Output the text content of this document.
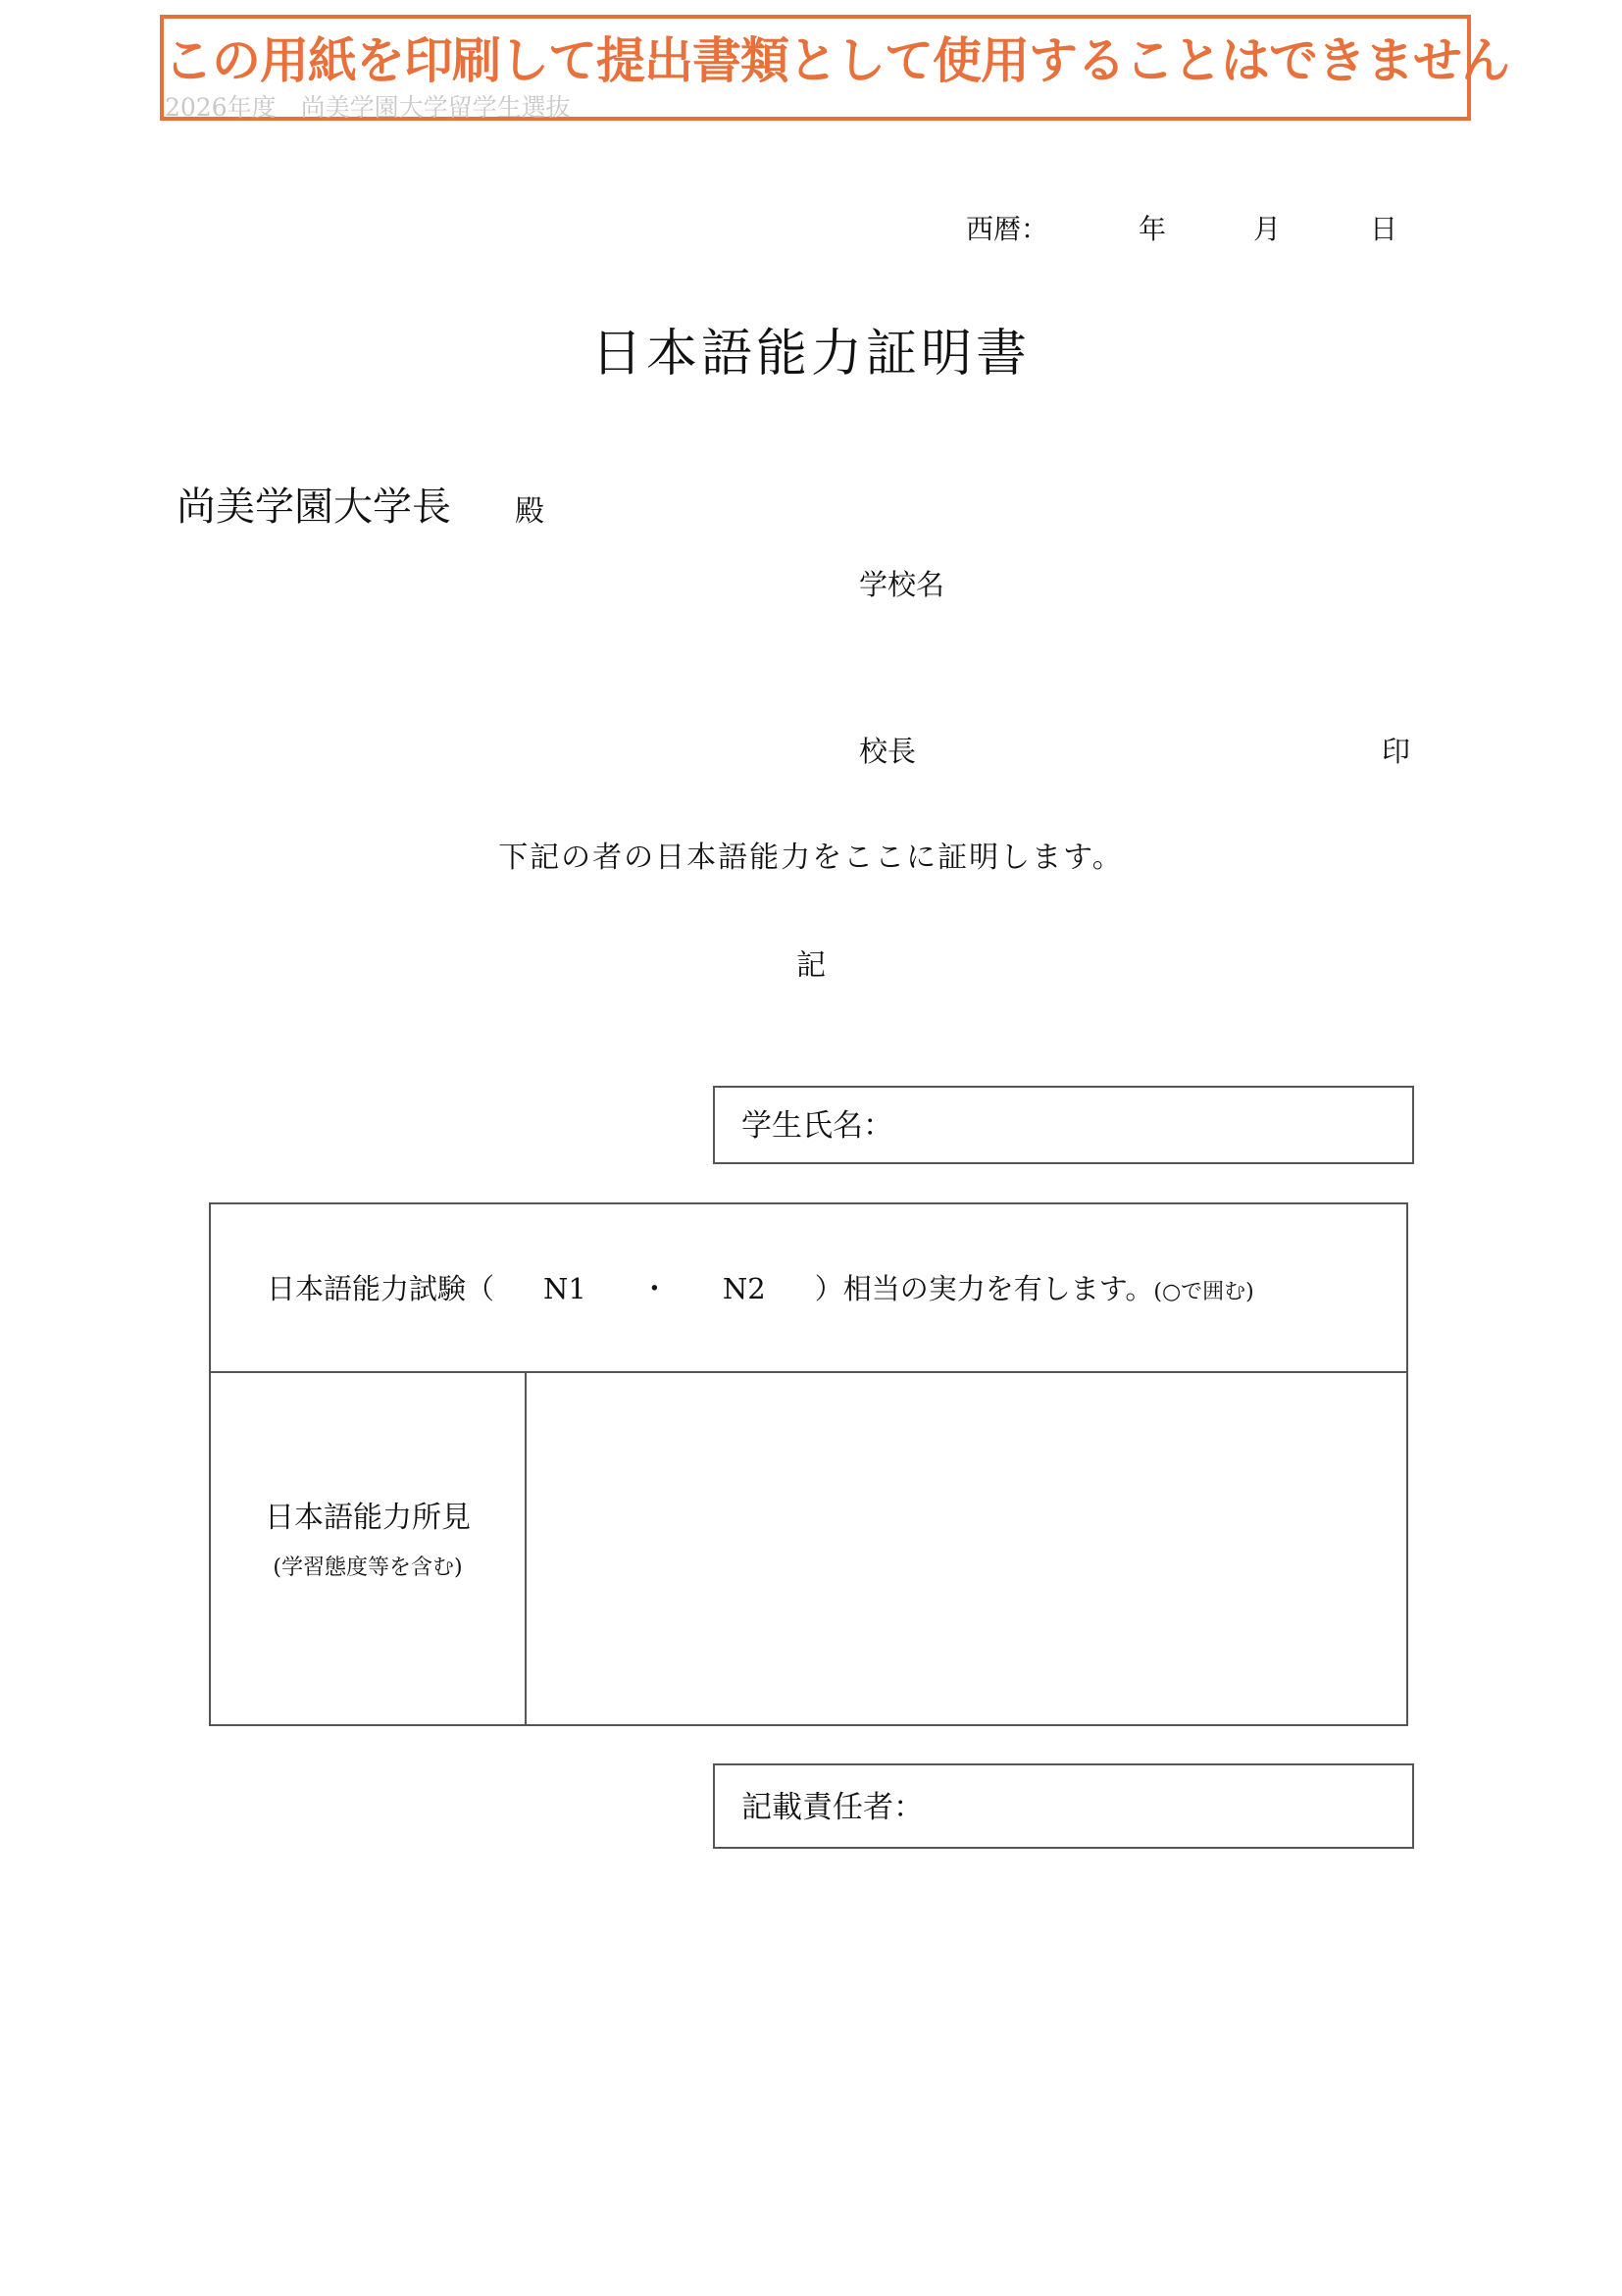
この用紙を印刷して提出書類として使用することはできません
2026年度　尚美学園大学留学生選抜
西暦：	年	月	日
日本語能力証明書
尚美学園大学長 殿
学校名
校長	印
下記の者の日本語能力をここに証明します。
記
学生氏名：
日本語能力試験（ N1 ・ N2 ）相当の実力を有します。(○で囲む)
日本語能力所見
(学習態度等を含む)
記載責任者：
